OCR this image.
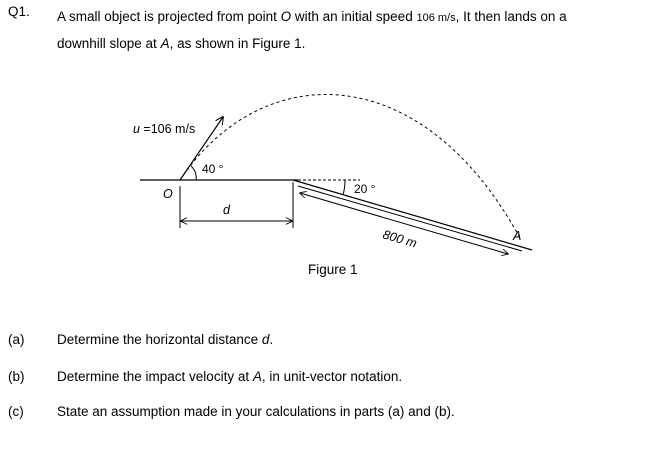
Q1. A small object is projected from point O with an initial speed 106 m/s, It then lands on a
downhill slope at A, as shown in Figure 1.
u =106 m/s
40 °
20 °
O
A
d
800 m
Figure 1
(a) Determine the horizontal distance d.
(b) Determine the impact velocity at A, in unit-vector notation.
(c) State an assumption made in your calculations in parts (a) and (b).
